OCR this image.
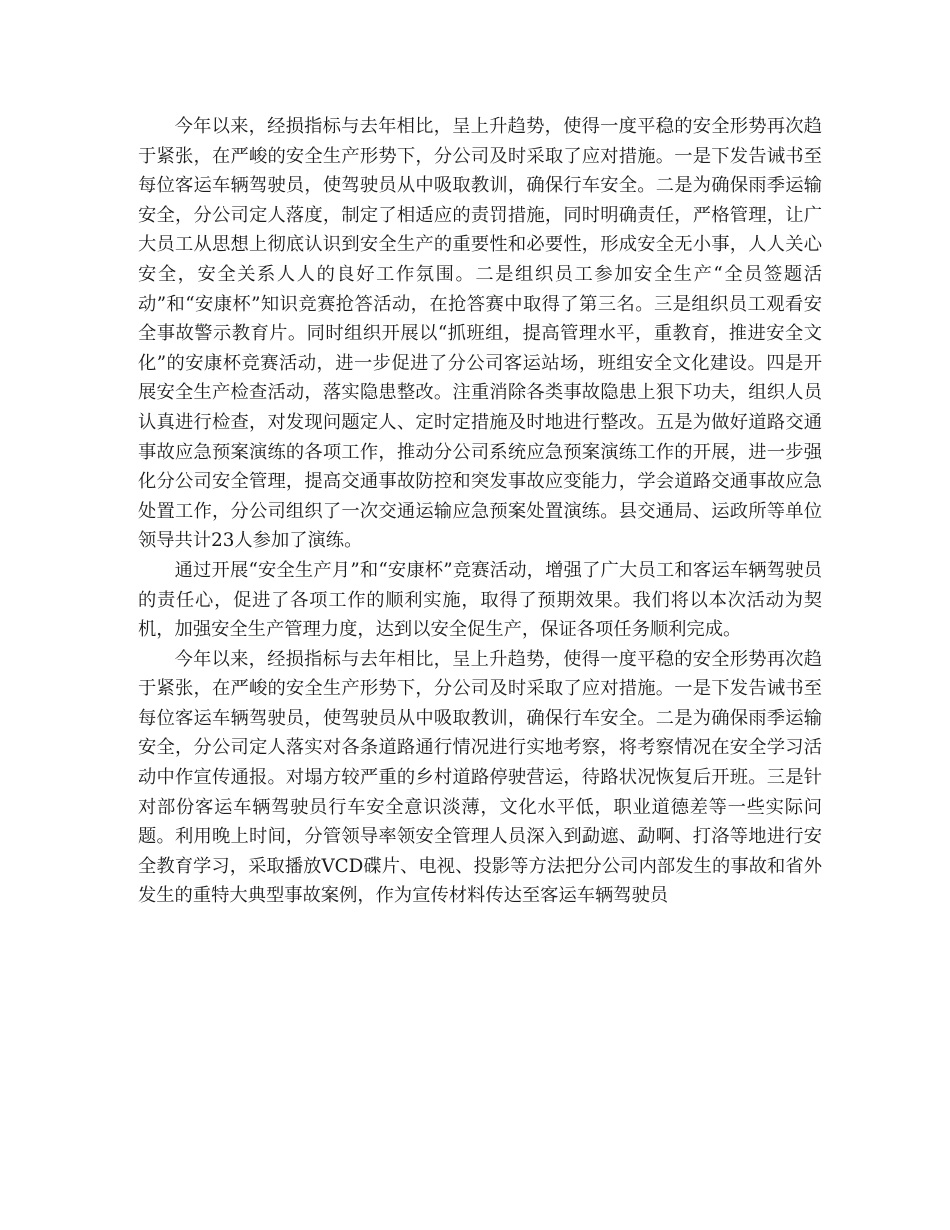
今年以来，经损指标与去年相比，呈上升趋势，使得一度平稳的安全形势再次趋于紧张，在严峻的安全生产形势下，分公司及时采取了应对措施。一是下发告诫书至每位客运车辆驾驶员，使驾驶员从中吸取教训，确保行车安全。二是为确保雨季运输安全，分公司定人落度，制定了相适应的责罚措施，同时明确责任，严格管理，让广大员工从思想上彻底认识到安全生产的重要性和必要性，形成安全无小事，人人关心安全，安全关系人人的良好工作氛围。二是组织员工参加安全生产“全员签题活动”和“安康杯”知识竞赛抢答活动，在抢答赛中取得了第三名。三是组织员工观看安全事故警示教育片。同时组织开展以“抓班组，提高管理水平，重教育，推进安全文化”的安康杯竞赛活动，进一步促进了分公司客运站场，班组安全文化建设。四是开展安全生产检查活动，落实隐患整改。注重消除各类事故隐患上狠下功夫，组织人员认真进行检查，对发现问题定人、定时定措施及时地进行整改。五是为做好道路交通事故应急预案演练的各项工作，推动分公司系统应急预案演练工作的开展，进一步强化分公司安全管理，提高交通事故防控和突发事故应变能力，学会道路交通事故应急处置工作，分公司组织了一次交通运输应急预案处置演练。县交通局、运政所等单位领导共计23人参加了演练。

通过开展“安全生产月”和“安康杯”竞赛活动，增强了广大员工和客运车辆驾驶员的责任心，促进了各项工作的顺利实施，取得了预期效果。我们将以本次活动为契机，加强安全生产管理力度，达到以安全促生产，保证各项任务顺利完成。

今年以来，经损指标与去年相比，呈上升趋势，使得一度平稳的安全形势再次趋于紧张，在严峻的安全生产形势下，分公司及时采取了应对措施。一是下发告诫书至每位客运车辆驾驶员，使驾驶员从中吸取教训，确保行车安全。二是为确保雨季运输安全，分公司定人落实对各条道路通行情况进行实地考察，将考察情况在安全学习活动中作宣传通报。对塌方较严重的乡村道路停驶营运，待路状况恢复后开班。三是针对部份客运车辆驾驶员行车安全意识淡薄，文化水平低，职业道德差等一些实际问题。利用晚上时间，分管领导率领安全管理人员深入到勐遮、勐啊、打洛等地进行安全教育学习，采取播放VCD碟片、电视、投影等方法把分公司内部发生的事故和省外发生的重特大典型事故案例，作为宣传材料传达至客运车辆驾驶员
